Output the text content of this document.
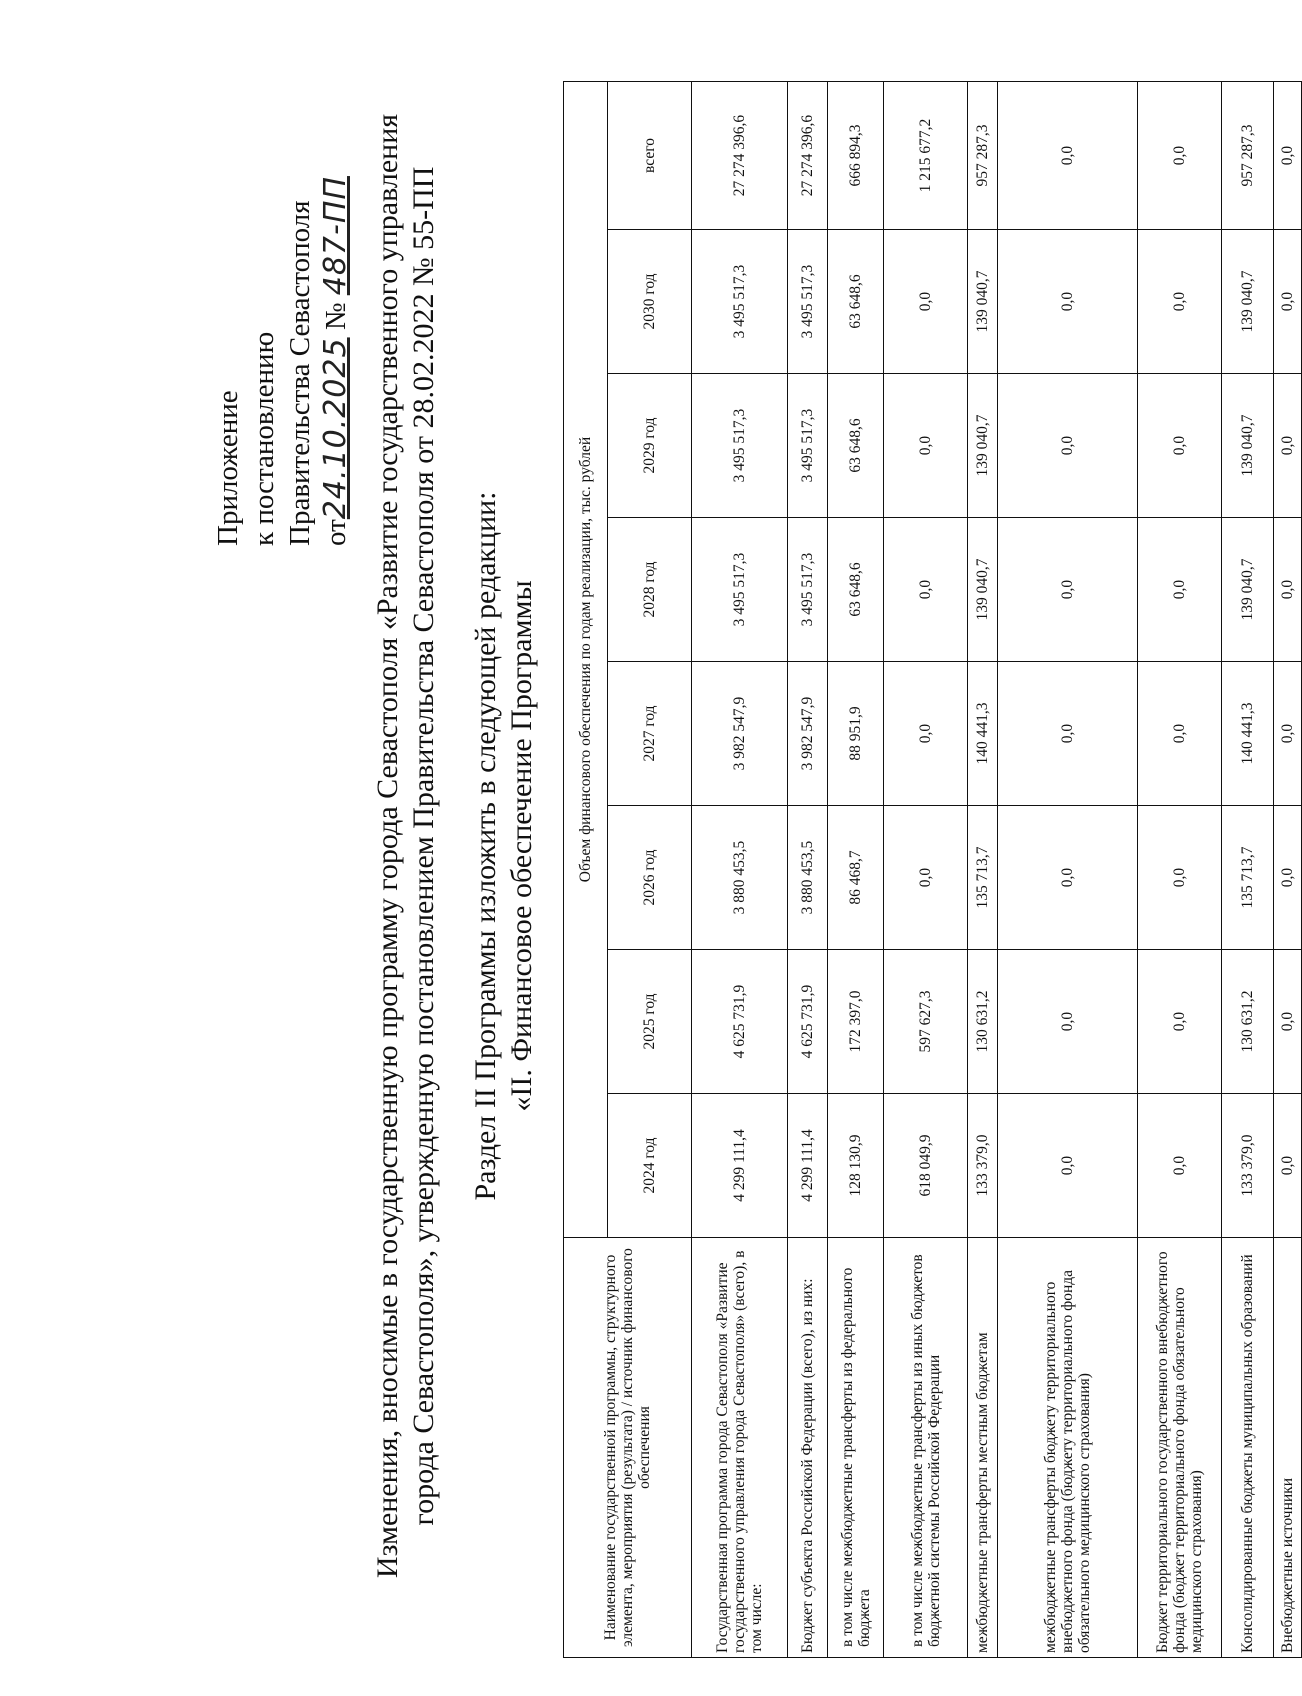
Приложение к постановлению Правительства Севастополя от24.10.2025 № 487-ПП Изменения, вносимые в государственную программу города Севастополя «Развитие государственного управления города Севастополя», утвержденную постановлением Правительства Севастополя от 28.02.2022 № 55-ПП Раздел II Программы изложить в следующей редакции: «II. Финансовое обеспечение Программы
Наименование государственной программы, структурного элемента, мероприятия (результата) / источник финансового обеспечения	Объем финансового обеспечения по годам реализации, тыс. рублей							
	2024 год	2025 год	2026 год	2027 год	2028 год	2029 год	2030 год	всего
Государственная программа города Севастополя «Развитие государственного управления города Севастополя» (всего), в том числе:	4 299 111,4	4 625 731,9	3 880 453,5	3 982 547,9	3 495 517,3	3 495 517,3	3 495 517,3	27 274 396,6
Бюджет субъекта Российской Федерации (всего), из них:	4 299 111,4	4 625 731,9	3 880 453,5	3 982 547,9	3 495 517,3	3 495 517,3	3 495 517,3	27 274 396,6
в том числе межбюджетные трансферты из федерального бюджета	128 130,9	172 397,0	86 468,7	88 951,9	63 648,6	63 648,6	63 648,6	666 894,3
в том числе межбюджетные трансферты из иных бюджетов бюджетной системы Российской Федерации	618 049,9	597 627,3	0,0	0,0	0,0	0,0	0,0	1 215 677,2
межбюджетные трансферты местным бюджетам	133 379,0	130 631,2	135 713,7	140 441,3	139 040,7	139 040,7	139 040,7	957 287,3
межбюджетные трансферты бюджету территориального внебюджетного фонда (бюджету территориального фонда обязательного медицинского страхования)	0,0	0,0	0,0	0,0	0,0	0,0	0,0	0,0
Бюджет территориального государственного внебюджетного фонда (бюджет территориального фонда обязательного медицинского страхования)	0,0	0,0	0,0	0,0	0,0	0,0	0,0	0,0
Консолидированные бюджеты муниципальных образований	133 379,0	130 631,2	135 713,7	140 441,3	139 040,7	139 040,7	139 040,7	957 287,3
Внебюджетные источники	0,0	0,0	0,0	0,0	0,0	0,0	0,0	0,0
